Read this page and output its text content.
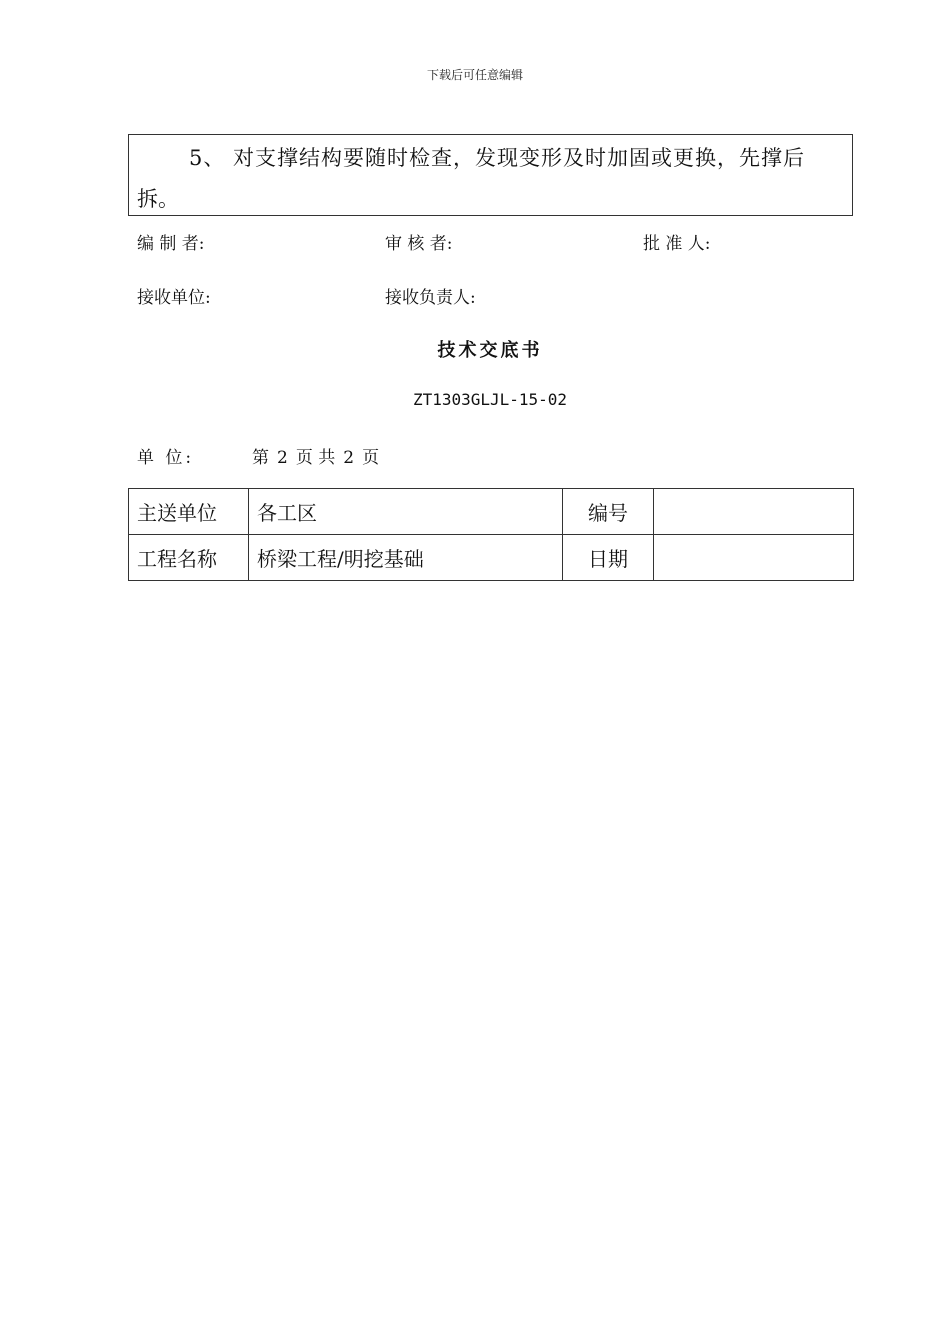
下载后可任意编辑
5、 对支撑结构要随时检查，发现变形及时加固或更换，先撑后
拆。
编 制 者:	审 核 者:	批 准 人:
接收单位:	接收负责人:
技术交底书
ZT1303GLJL-15-02
单 位:	第 2 页 共 2 页
主送单位	各工区	编号	
工程名称	桥梁工程/明挖基础	日期	
